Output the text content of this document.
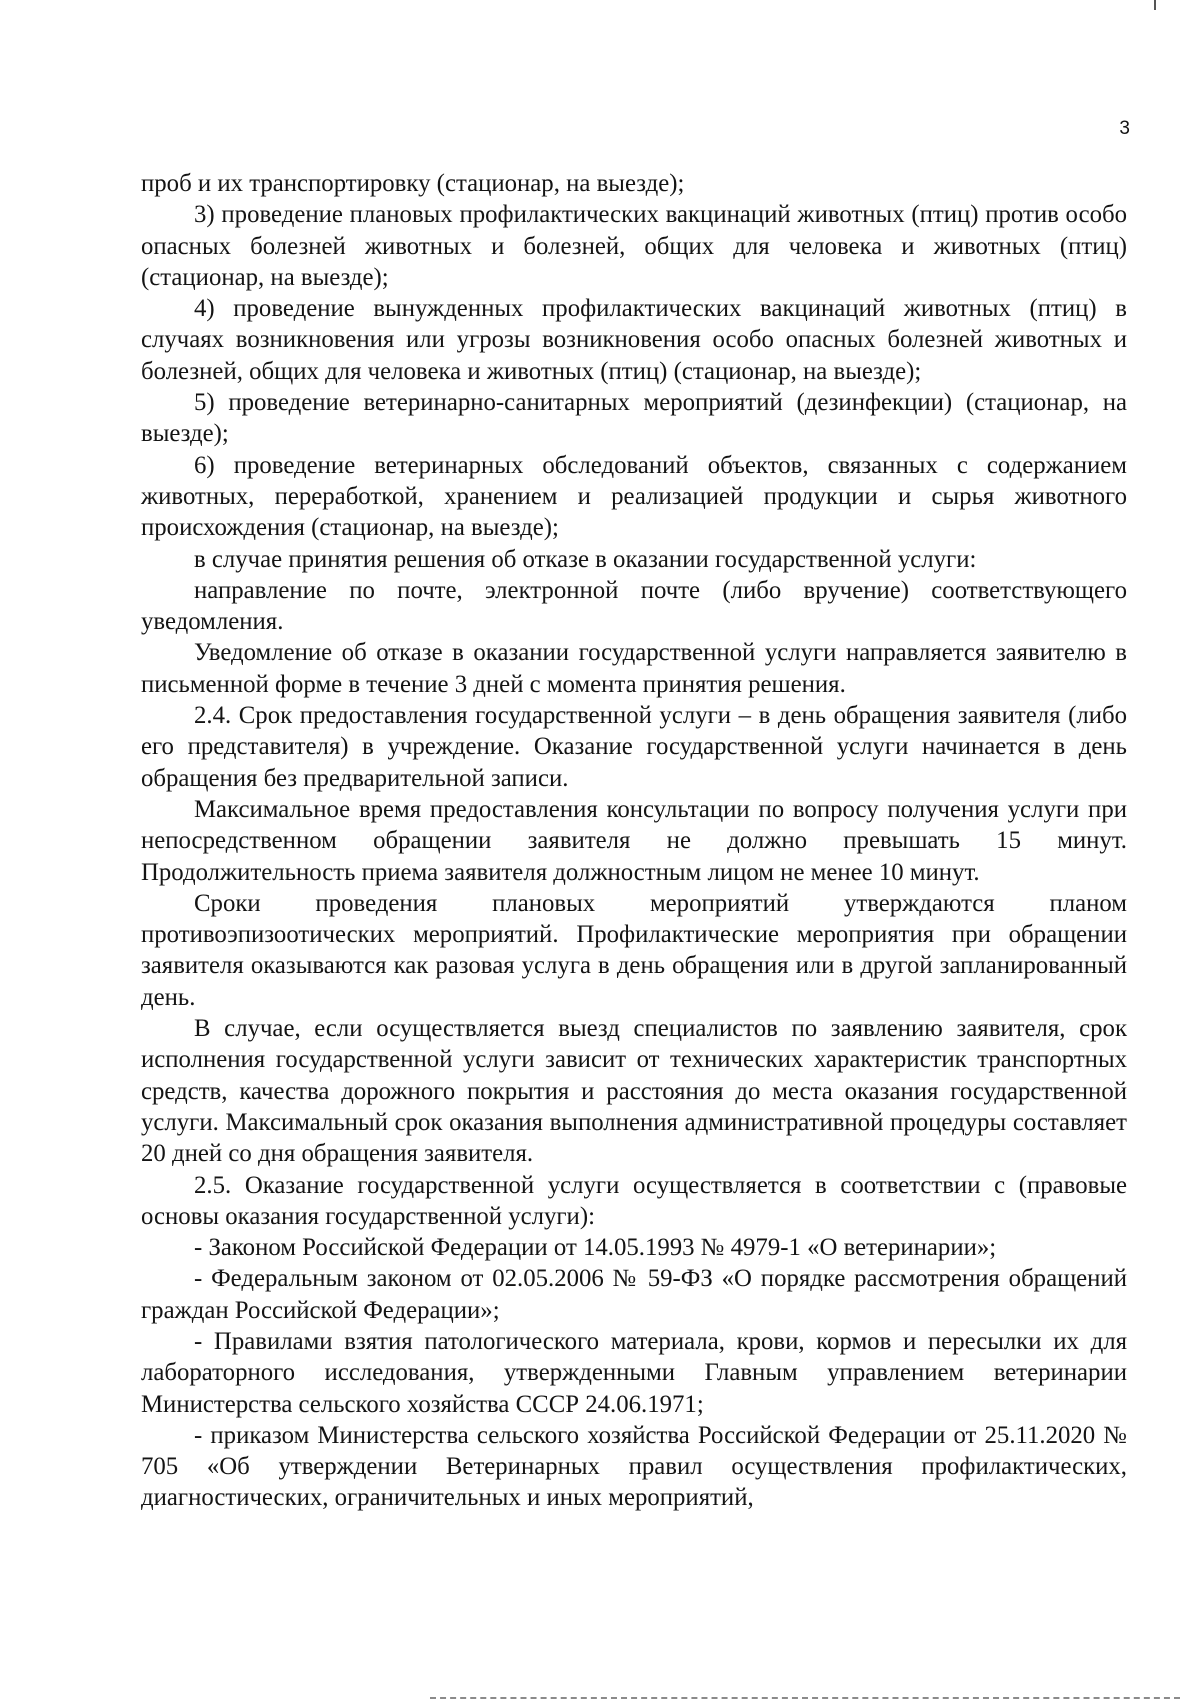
3

проб и их транспортировку (стационар, на выезде);

3) проведение плановых профилактических вакцинаций животных (птиц) против особо опасных болезней животных и болезней, общих для человека и животных (птиц) (стационар, на выезде);

4) проведение вынужденных профилактических вакцинаций животных (птиц) в случаях возникновения или угрозы возникновения особо опасных болезней животных и болезней, общих для человека и животных (птиц) (стационар, на выезде);

5) проведение ветеринарно-санитарных мероприятий (дезинфекции) (стационар, на выезде);

6) проведение ветеринарных обследований объектов, связанных с содержанием животных, переработкой, хранением и реализацией продукции и сырья животного происхождения (стационар, на выезде);

в случае принятия решения об отказе в оказании государственной услуги:

направление по почте, электронной почте (либо вручение) соответствующего уведомления.

Уведомление об отказе в оказании государственной услуги направляется заявителю в письменной форме в течение 3 дней с момента принятия решения.

2.4. Срок предоставления государственной услуги – в день обращения заявителя (либо его представителя) в учреждение. Оказание государственной услуги начинается в день обращения без предварительной записи.

Максимальное время предоставления консультации по вопросу получения услуги при непосредственном обращении заявителя не должно превышать 15 минут. Продолжительность приема заявителя должностным лицом не менее 10 минут.

Сроки проведения плановых мероприятий утверждаются планом противоэпизоотических мероприятий. Профилактические мероприятия при обращении заявителя оказываются как разовая услуга в день обращения или в другой запланированный день.

В случае, если осуществляется выезд специалистов по заявлению заявителя, срок исполнения государственной услуги зависит от технических характеристик транспортных средств, качества дорожного покрытия и расстояния до места оказания государственной услуги. Максимальный срок оказания выполнения административной процедуры составляет 20 дней со дня обращения заявителя.

2.5. Оказание государственной услуги осуществляется в соответствии с (правовые основы оказания государственной услуги):

- Законом Российской Федерации от 14.05.1993 № 4979-1 «О ветеринарии»;

- Федеральным законом от 02.05.2006 № 59-ФЗ «О порядке рассмотрения обращений граждан Российской Федерации»;

- Правилами взятия патологического материала, крови, кормов и пересылки их для лабораторного исследования, утвержденными Главным управлением ветеринарии Министерства сельского хозяйства СССР 24.06.1971;

- приказом Министерства сельского хозяйства Российской Федерации от 25.11.2020 № 705 «Об утверждении Ветеринарных правил осуществления профилактических, диагностических, ограничительных и иных мероприятий,
